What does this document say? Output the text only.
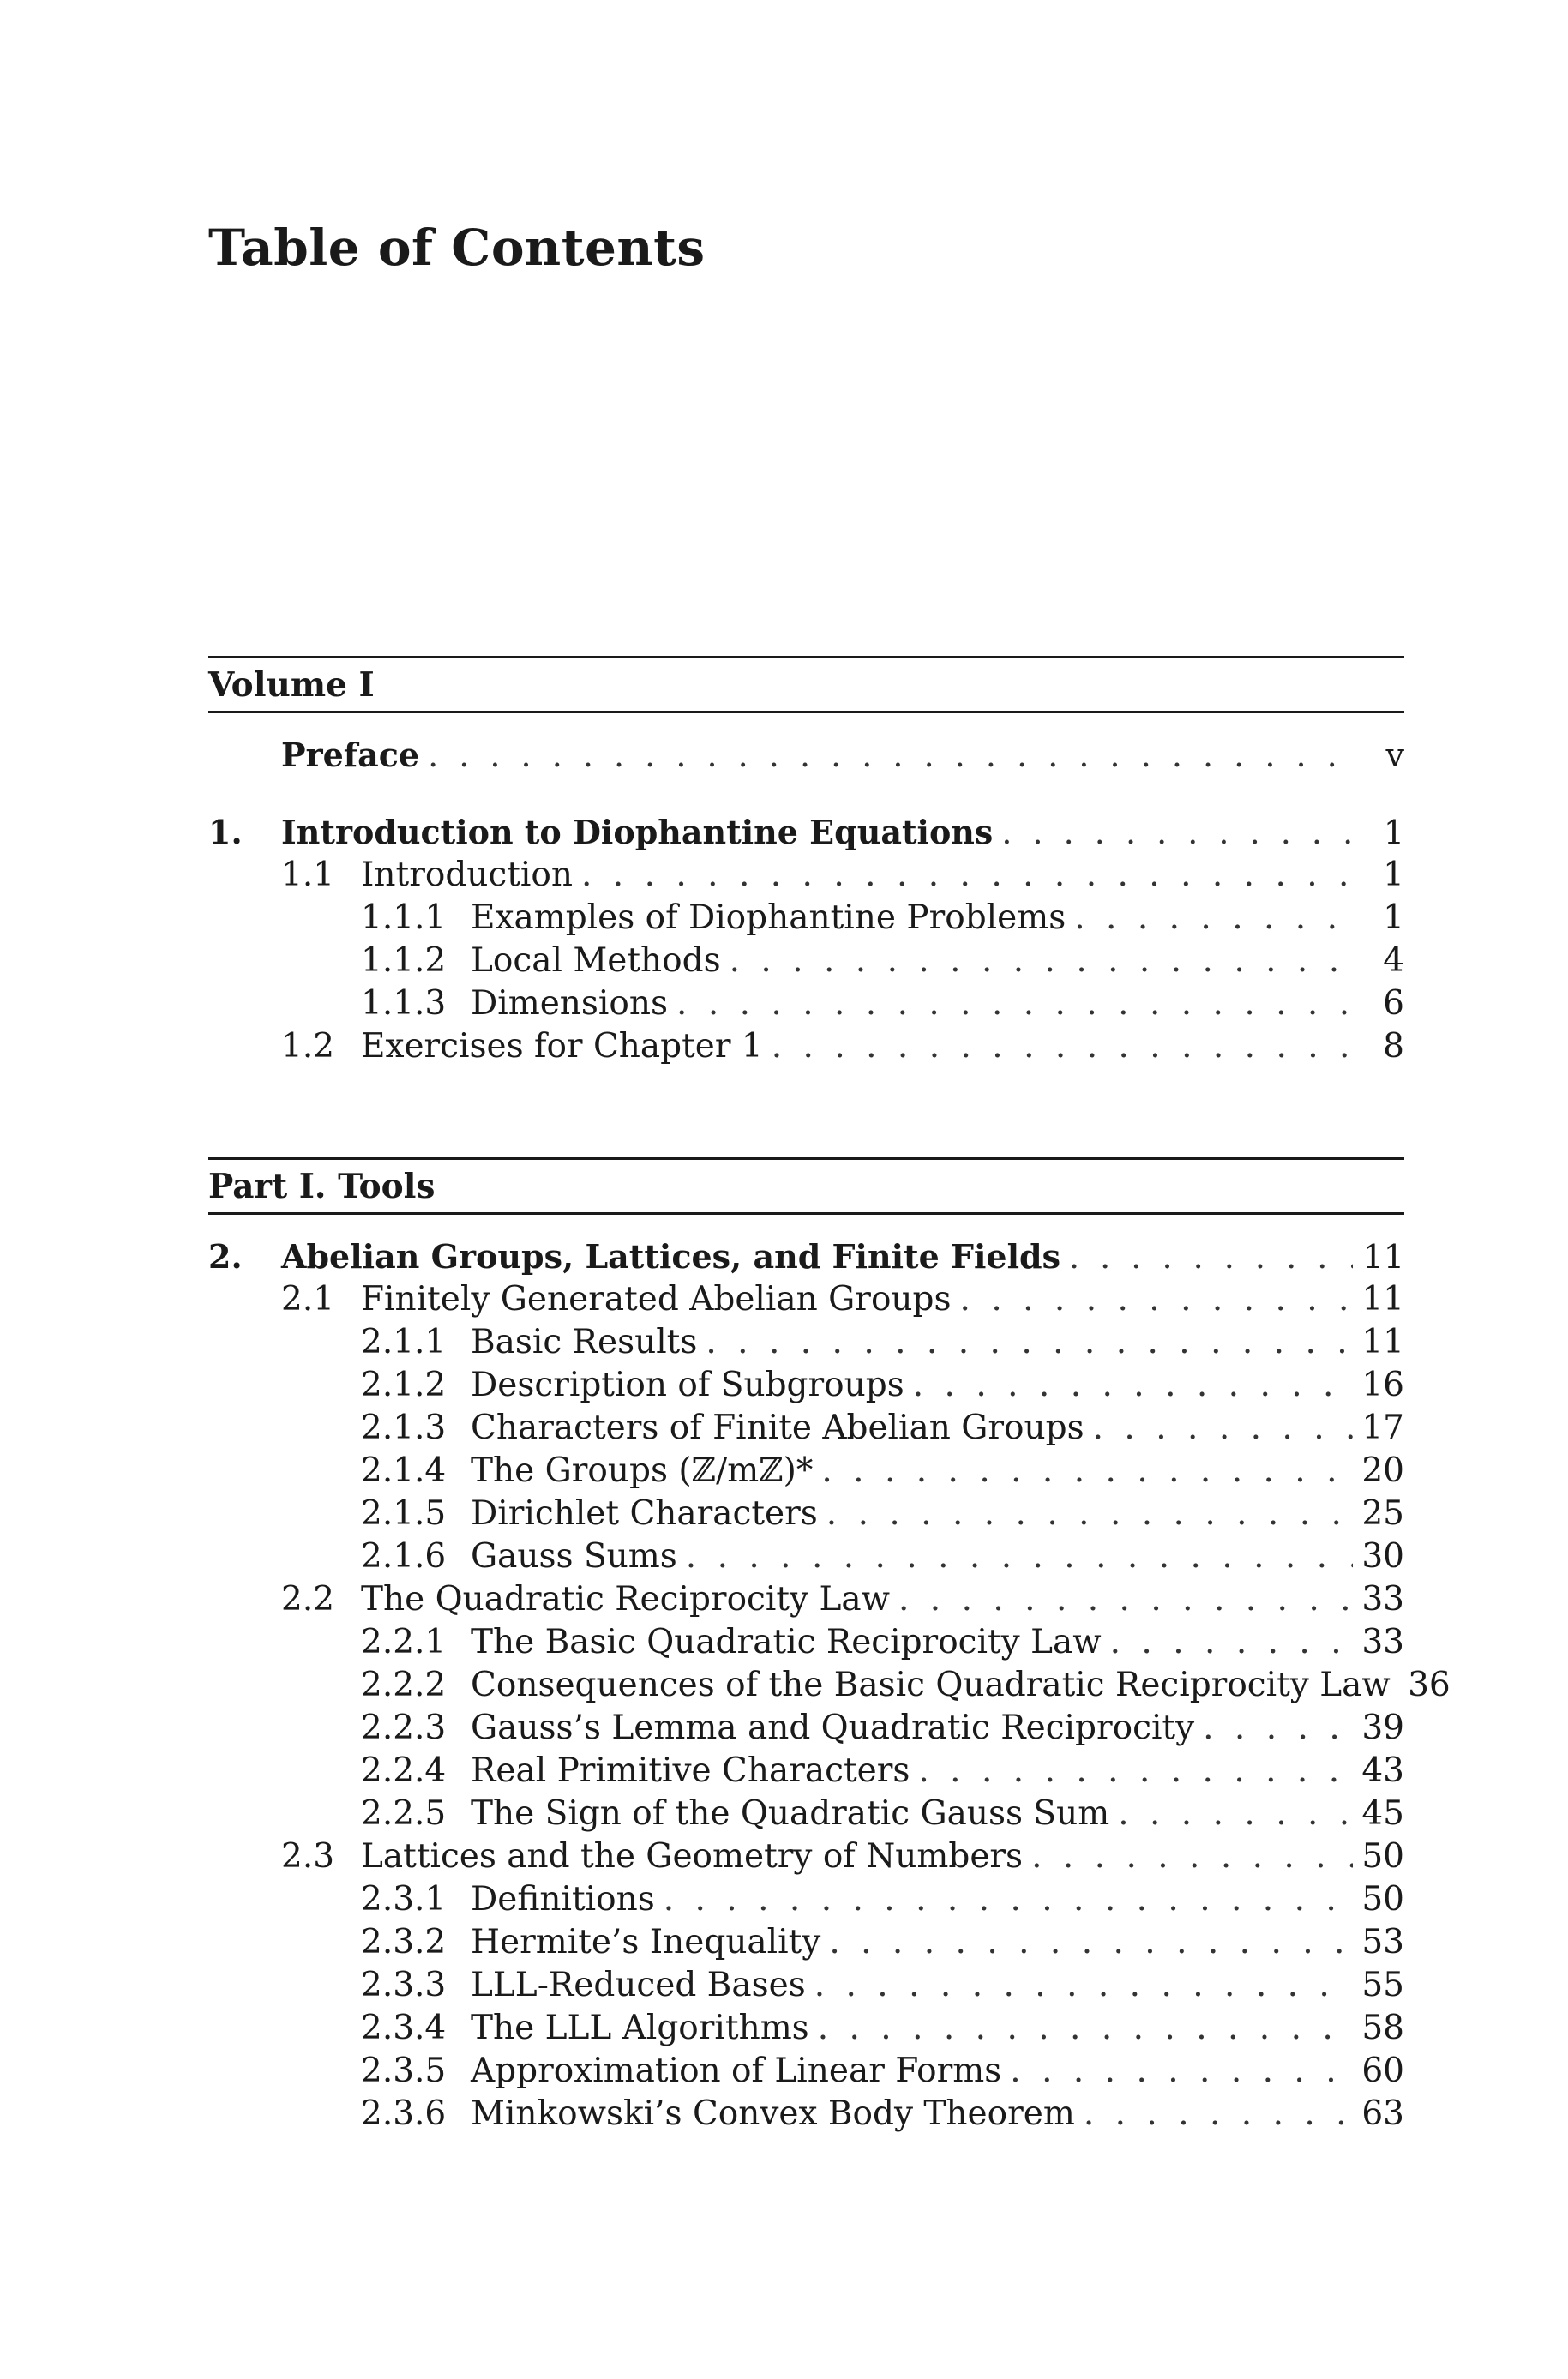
Table of Contents
Volume I
Preface . . .	v
1.	Introduction to Diophantine Equations . . .	1
1.1 Introduction . . .	1
1.1.1 Examples of Diophantine Problems . . .	1
1.1.2 Local Methods . . .	4
1.1.3 Dimensions . . .	6
1.2 Exercises for Chapter 1 . . .	8
Part I. Tools
2.	Abelian Groups, Lattices, and Finite Fields . . .	11
2.1 Finitely Generated Abelian Groups . . .	11
2.1.1 Basic Results . . .	11
2.1.2 Description of Subgroups . . .	16
2.1.3 Characters of Finite Abelian Groups . . .	17
2.1.4 The Groups (ℤ/mℤ)* . . .	20
2.1.5 Dirichlet Characters . . .	25
2.1.6 Gauss Sums . . .	30
2.2 The Quadratic Reciprocity Law . . .	33
2.2.1 The Basic Quadratic Reciprocity Law . . .	33
2.2.2 Consequences of the Basic Quadratic Reciprocity Law 36
2.2.3 Gauss’s Lemma and Quadratic Reciprocity . . .	39
2.2.4 Real Primitive Characters . . .	43
2.2.5 The Sign of the Quadratic Gauss Sum . . .	45
2.3 Lattices and the Geometry of Numbers . . .	50
2.3.1 Definitions . . .	50
2.3.2 Hermite’s Inequality . . .	53
2.3.3 LLL-Reduced Bases . . .	55
2.3.4 The LLL Algorithms . . .	58
2.3.5 Approximation of Linear Forms . . .	60
2.3.6 Minkowski’s Convex Body Theorem . . .	63
